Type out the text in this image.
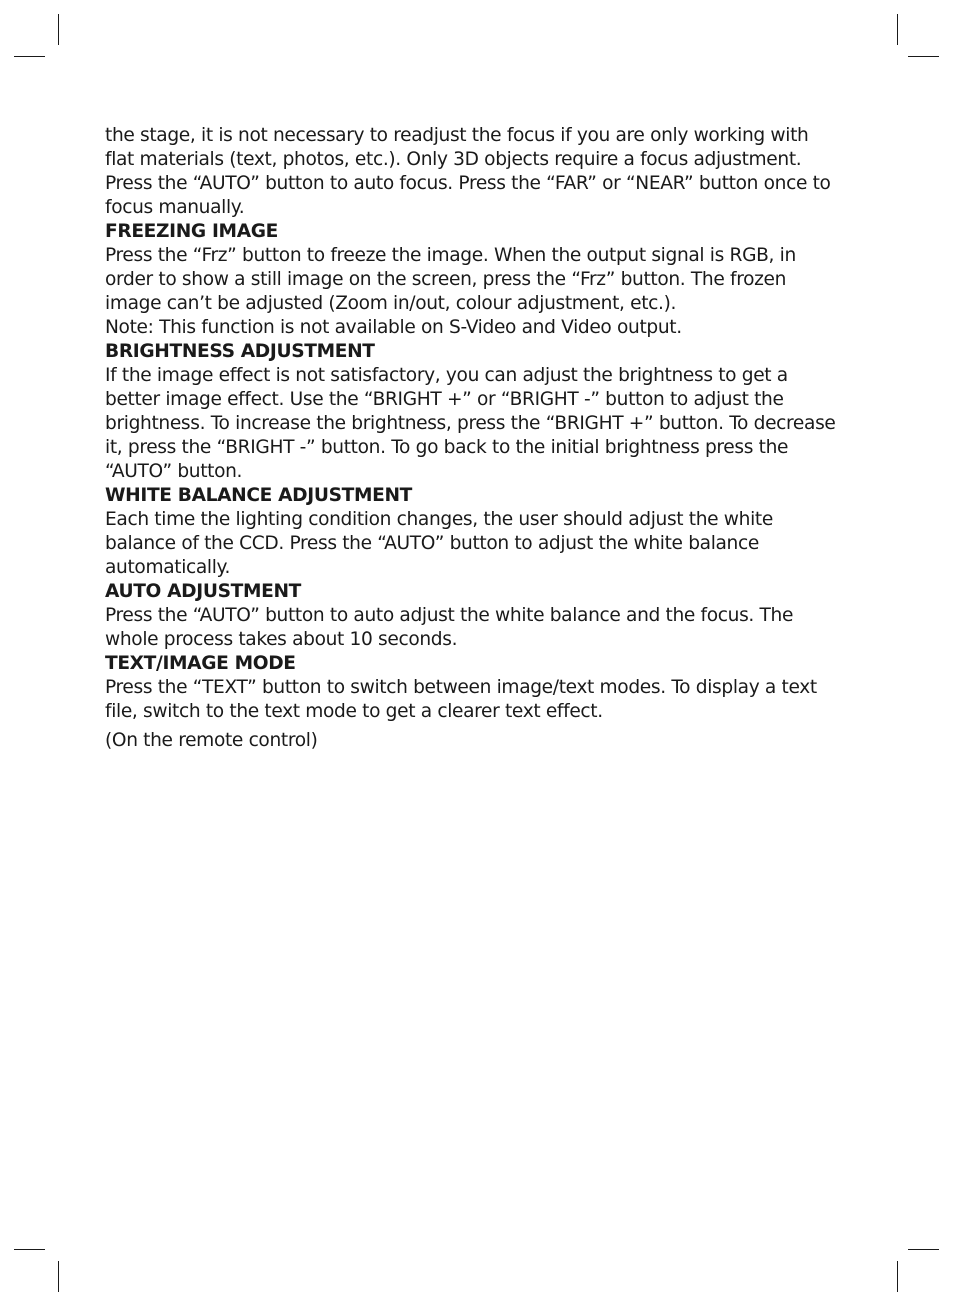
the stage, it is not necessary to readjust the focus if you are only working with flat materials (text, photos, etc.). Only 3D objects require a focus adjustment. Press the “AUTO” button to auto focus. Press the “FAR” or “NEAR” button once to focus manually.

FREEZING IMAGE

Press the “Frz” button to freeze the image. When the output signal is RGB, in order to show a still image on the screen, press the “Frz” button. The frozen image can’t be adjusted (Zoom in/out, colour adjustment, etc.).

Note: This function is not available on S-Video and Video output.

BRIGHTNESS ADJUSTMENT

If the image effect is not satisfactory, you can adjust the brightness to get a better image effect. Use the “BRIGHT +” or “BRIGHT -” button to adjust the brightness. To increase the brightness, press the “BRIGHT +” button. To decrease it, press the “BRIGHT -” button. To go back to the initial brightness press the “AUTO” button.

WHITE BALANCE ADJUSTMENT

Each time the lighting condition changes, the user should adjust the white balance of the CCD. Press the “AUTO” button to adjust the white balance automatically.

AUTO ADJUSTMENT

Press the “AUTO” button to auto adjust the white balance and the focus. The whole process takes about 10 seconds.

TEXT/IMAGE MODE

Press the “TEXT” button to switch between image/text modes. To display a text file, switch to the text mode to get a clearer text effect.

(On the remote control)
